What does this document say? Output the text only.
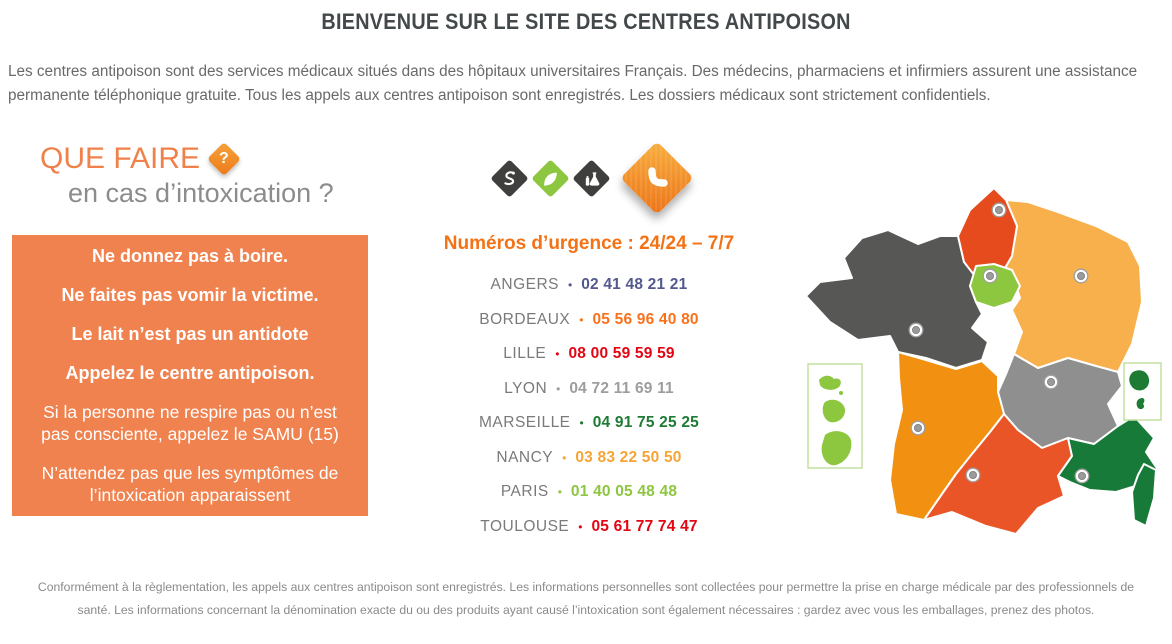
BIENVENUE SUR LE SITE DES CENTRES ANTIPOISON

Les centres antipoison sont des services médicaux situés dans des hôpitaux universitaires Français. Des médecins, pharmaciens et infirmiers assurent une assistance permanente téléphonique gratuite. Tous les appels aux centres antipoison sont enregistrés. Les dossiers médicaux sont strictement confidentiels.

QUE FAIRE ?
en cas d’intoxication ?

Ne donnez pas à boire.

Ne faites pas vomir la victime.

Le lait n’est pas un antidote

Appelez le centre antipoison.

Si la personne ne respire pas ou n’est pas consciente, appelez le SAMU (15)

N’attendez pas que les symptômes de l’intoxication apparaissent

Numéros d’urgence : 24/24 – 7/7
ANGERS • 02 41 48 21 21
BORDEAUX • 05 56 96 40 80
LILLE • 08 00 59 59 59
LYON • 04 72 11 69 11
MARSEILLE • 04 91 75 25 25
NANCY • 03 83 22 50 50
PARIS • 01 40 05 48 48
TOULOUSE • 05 61 77 74 47

Conformément à la règlementation, les appels aux centres antipoison sont enregistrés. Les informations personnelles sont collectées pour permettre la prise en charge médicale par des professionnels de santé. Les informations concernant la dénomination exacte du ou des produits ayant causé l’intoxication sont également nécessaires : gardez avec vous les emballages, prenez des photos.
